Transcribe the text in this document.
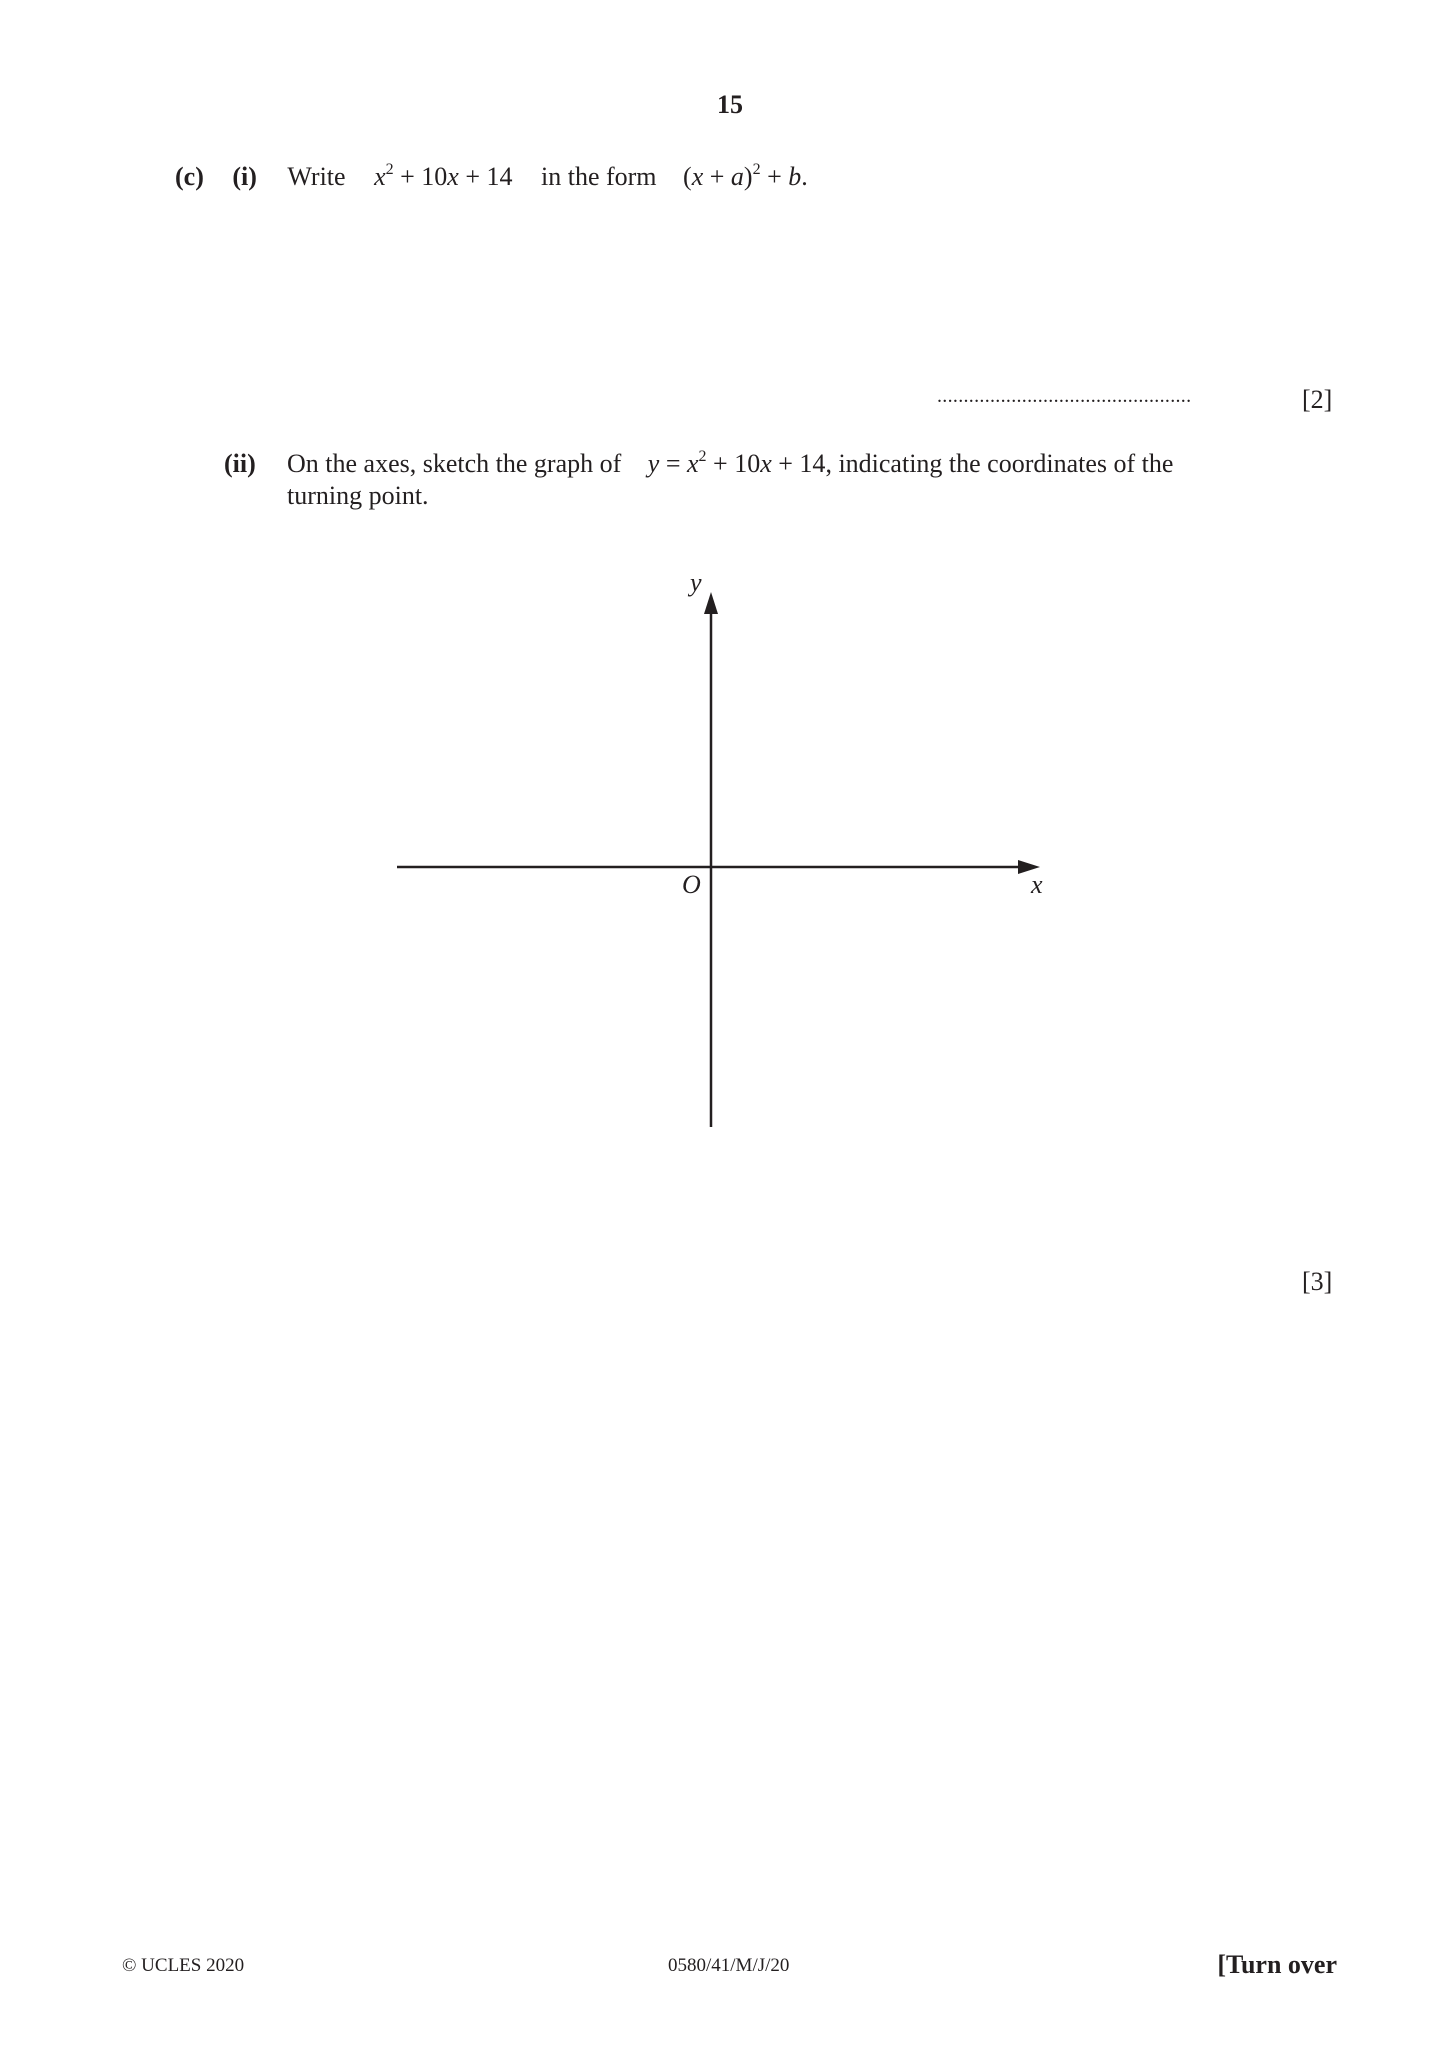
15
(c) (i) Write $x^2 + 10x + 14$ in the form $(x + a)^2 + b$.
................................................	[2]
(ii) On the axes, sketch the graph of $y = x^2 + 10x + 14$, indicating the coordinates of the
turning point.
y
O	x
[3]
© UCLES 2020	0580/41/M/J/20	[Turn over
